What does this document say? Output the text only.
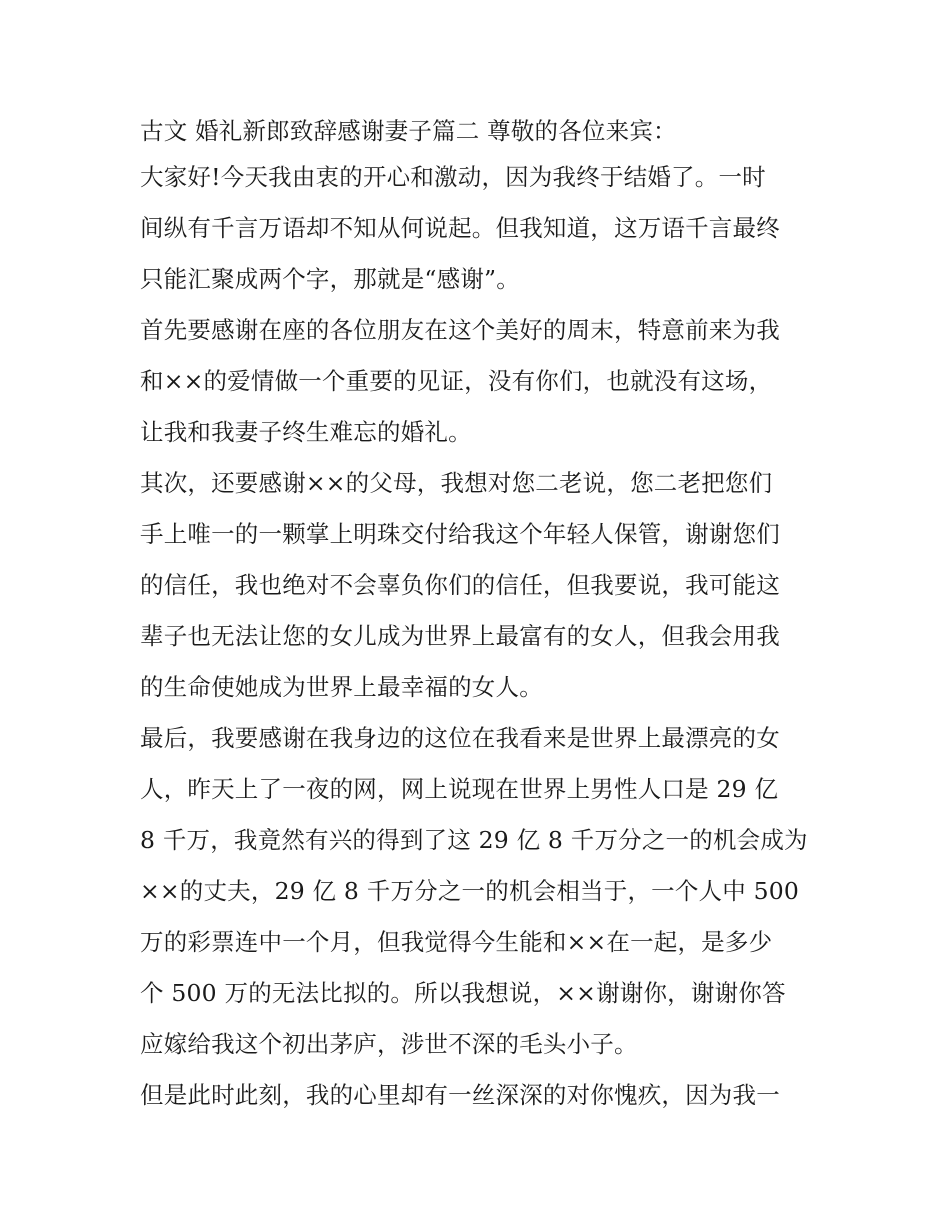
古文 婚礼新郎致辞感谢妻子篇二 尊敬的各位来宾：
大家好!今天我由衷的开心和激动，因为我终于结婚了。一时
间纵有千言万语却不知从何说起。但我知道，这万语千言最终
只能汇聚成两个字，那就是“感谢”。
首先要感谢在座的各位朋友在这个美好的周末，特意前来为我
和××的爱情做一个重要的见证，没有你们，也就没有这场，
让我和我妻子终生难忘的婚礼。
其次，还要感谢××的父母，我想对您二老说，您二老把您们
手上唯一的一颗掌上明珠交付给我这个年轻人保管，谢谢您们
的信任，我也绝对不会辜负你们的信任，但我要说，我可能这
辈子也无法让您的女儿成为世界上最富有的女人，但我会用我
的生命使她成为世界上最幸福的女人。
最后，我要感谢在我身边的这位在我看来是世界上最漂亮的女
人，昨天上了一夜的网，网上说现在世界上男性人口是 29 亿
8 千万，我竟然有兴的得到了这 29 亿 8 千万分之一的机会成为
××的丈夫，29 亿 8 千万分之一的机会相当于，一个人中 500
万的彩票连中一个月，但我觉得今生能和××在一起，是多少
个 500 万的无法比拟的。所以我想说，××谢谢你，谢谢你答
应嫁给我这个初出茅庐，涉世不深的毛头小子。
但是此时此刻，我的心里却有一丝深深的对你愧疚，因为我一
